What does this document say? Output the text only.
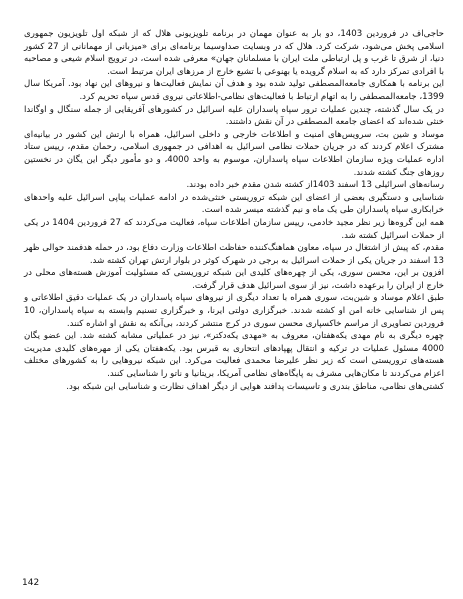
حاجی‌اف در فروردین 1403، دو بار به عنوان مهمان در برنامه تلویزیونی هلال که از شبکه اول تلویزیون جمهوری اسلامی پخش می‌شود، شرکت کرد. هلال که در وبسایت صداوسیما برنامه‌ای برای «میزبانی از مهمانانی از 27 کشور دنیا، از شرق تا غرب و پل ارتباطی ملت ایران با مسلمانان جهان» معرفی شده است، در ترویج اسلام شیعی و مصاحبه با افرادی تمرکز دارد که به اسلام گرویده یا بهنوعی با تشیع خارج از مرزهای ایران مرتبط است.

این برنامه با همکاری جامعه‌المصطفی تولید شده بود و هدف آن نمایش فعالیت‌ها و نیروهای این نهاد بود. آمریکا سال 1399، جامعه‌المصطفی را به اتهام ارتباط با فعالیت‌های نظامی-اطلاعاتی نیروی قدس سپاه تحریم کرد.

در یک سال گذشته، چندین عملیات ترور سپاه پاسداران علیه اسرائیل در کشورهای آفریقایی از جمله سنگال و اوگاندا خنثی شده‌اند که اعضای جامعه المصطفی در آن نقش داشتند.

موساد و شین بت، سرویس‌های امنیت و اطلاعات خارجی و داخلی اسرائیل، همراه با ارتش این کشور در بیانیه‌ای مشترک اعلام کردند که در جریان حملات نظامی اسرائیل به اهدافی در جمهوری اسلامی، رحمان مقدم، رییس ستاد اداره عملیات ویژه سازمان اطلاعات سپاه پاسداران، موسوم به واحد 4000، و دو مأمور دیگر این یگان در نخستین روزهای جنگ کشته شدند.

رسانه‌های اسرائیلی 13 اسفند 1403از کشته شدن مقدم خبر داده بودند.

شناسایی و دستگیری بعضی از اعضای این شبکه تروریستی خنثی‌شده در ادامه عملیات پیاپی اسرائیل علیه واحدهای خرابکاری سپاه پاسداران طی یک ماه و نیم گذشته میسر شده است.

همه این گروه‌ها زیر نظر مجید خادمی، رییس سازمان اطلاعات سپاه، فعالیت می‌کردند که 27 فروردین 1404 در یکی از حملات اسرائیل کشته شد.

مقدم، که پیش از اشتغال در سپاه، معاون هماهنگ‌کننده حفاظت اطلاعات وزارت دفاع بود، در حمله هدفمند حوالی ظهر 13 اسفند در جریان یکی از حملات اسرائیل به برجی در شهرک کوثر در بلوار ارتش تهران کشته شد.

افزون بر این، محسن سوری، یکی از چهره‌های کلیدی این شبکه تروریستی که مسئولیت آموزش هسته‌های محلی در خارج از ایران را برعهده داشت، نیز از سوی اسرائیل هدف قرار گرفت.

طبق اعلام موساد و شین‌بت، سوری همراه با تعداد دیگری از نیروهای سپاه پاسداران در یک عملیات دقیق اطلاعاتی و پس از شناسایی خانه امن او کشته شدند. خبرگزاری دولتی ایرنا، و خبرگزاری تسنیم وابسته به سپاه پاسداران، 10 فروردین تصاویری از مراسم خاکسپاری محسن سوری در کرج منتشر کردند، بی‌آنکه به نقش او اشاره کنند.

چهره دیگری به نام مهدی یکه‌هفتان، معروف به «مهدی یکه‌دکتر»، نیز در عملیاتی مشابه کشته شد. این عضو یگان 4000 مسئول عملیات در ترکیه و انتقال پهپادهای انتحاری به قبرس بود. یکه‌هفتان یکی از مهره‌های کلیدی مدیریت هسته‌های تروریستی است که زیر نظر علیرضا محمدی فعالیت می‌کرد. این شبکه نیروهایی را به کشورهای مختلف اعزام می‌کردند تا مکان‌هایی مشرف به پایگاه‌های نظامی آمریکا، بریتانیا و ناتو را شناسایی کنند.

کشتی‌های نظامی، مناطق بندری و تاسیسات پدافند هوایی از دیگر اهداف نظارت و شناسایی این شبکه بود.

142
